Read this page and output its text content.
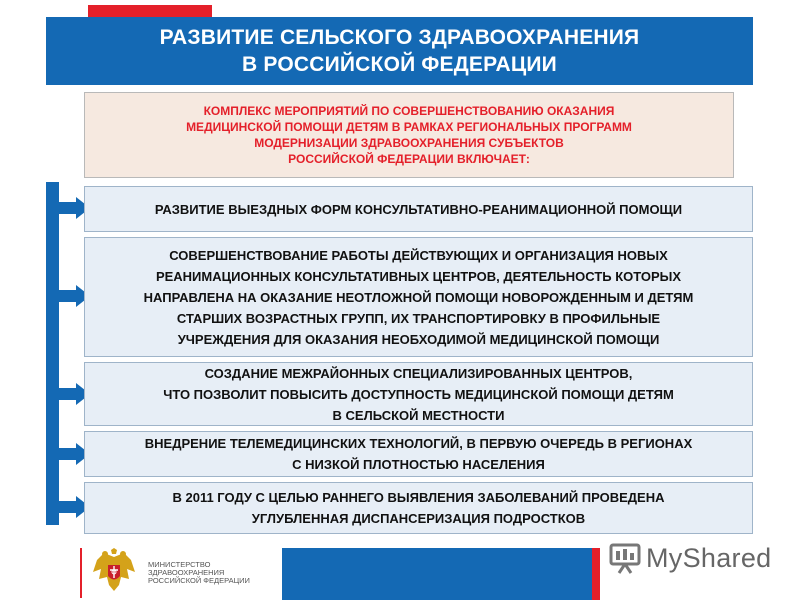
РАЗВИТИЕ СЕЛЬСКОГО ЗДРАВООХРАНЕНИЯ
В РОССИЙСКОЙ ФЕДЕРАЦИИ
КОМПЛЕКС МЕРОПРИЯТИЙ ПО СОВЕРШЕНСТВОВАНИЮ ОКАЗАНИЯ
МЕДИЦИНСКОЙ ПОМОЩИ ДЕТЯМ В РАМКАХ РЕГИОНАЛЬНЫХ ПРОГРАММ
МОДЕРНИЗАЦИИ ЗДРАВООХРАНЕНИЯ СУБЪЕКТОВ
РОССИЙСКОЙ ФЕДЕРАЦИИ ВКЛЮЧАЕТ:
РАЗВИТИЕ ВЫЕЗДНЫХ ФОРМ КОНСУЛЬТАТИВНО-РЕАНИМАЦИОННОЙ ПОМОЩИ
СОВЕРШЕНСТВОВАНИЕ РАБОТЫ ДЕЙСТВУЮЩИХ И ОРГАНИЗАЦИЯ НОВЫХ
РЕАНИМАЦИОННЫХ КОНСУЛЬТАТИВНЫХ ЦЕНТРОВ, ДЕЯТЕЛЬНОСТЬ КОТОРЫХ
НАПРАВЛЕНА НА ОКАЗАНИЕ НЕОТЛОЖНОЙ ПОМОЩИ НОВОРОЖДЕННЫМ И ДЕТЯМ
СТАРШИХ ВОЗРАСТНЫХ ГРУПП, ИХ ТРАНСПОРТИРОВКУ В ПРОФИЛЬНЫЕ
УЧРЕЖДЕНИЯ ДЛЯ ОКАЗАНИЯ НЕОБХОДИМОЙ МЕДИЦИНСКОЙ ПОМОЩИ
СОЗДАНИЕ МЕЖРАЙОННЫХ СПЕЦИАЛИЗИРОВАННЫХ ЦЕНТРОВ,
ЧТО ПОЗВОЛИТ ПОВЫСИТЬ ДОСТУПНОСТЬ МЕДИЦИНСКОЙ ПОМОЩИ ДЕТЯМ
В СЕЛЬСКОЙ МЕСТНОСТИ
ВНЕДРЕНИЕ ТЕЛЕМЕДИЦИНСКИХ ТЕХНОЛОГИЙ, В ПЕРВУЮ ОЧЕРЕДЬ В РЕГИОНАХ
С НИЗКОЙ ПЛОТНОСТЬЮ НАСЕЛЕНИЯ
В 2011 ГОДУ С ЦЕЛЬЮ РАННЕГО ВЫЯВЛЕНИЯ ЗАБОЛЕВАНИЙ ПРОВЕДЕНА
УГЛУБЛЕННАЯ ДИСПАНСЕРИЗАЦИЯ ПОДРОСТКОВ
МИНИСТЕРСТВО
ЗДРАВООХРАНЕНИЯ
РОССИЙСКОЙ ФЕДЕРАЦИИ
MyShared
